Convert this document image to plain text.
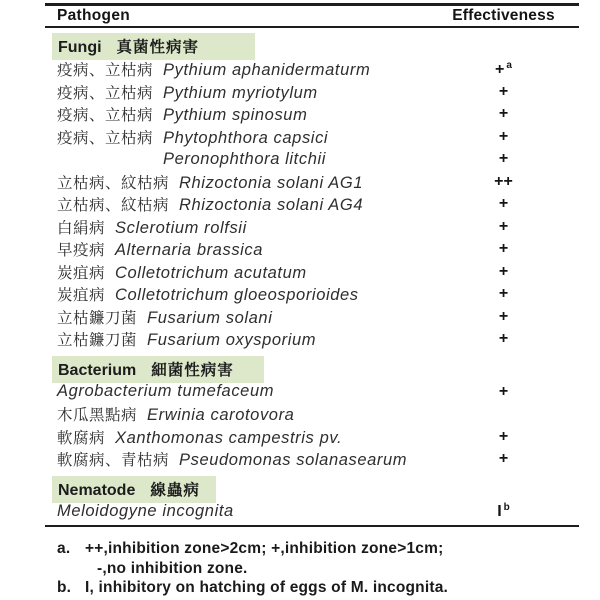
Pathogen	Effectiveness
Fungi 真菌性病害
疫病、立枯病 Pythium aphanidermaturm	+ $^a$
疫病、立枯病 Pythium myriotylum	+
疫病、立枯病 Pythium spinosum	+
疫病、立枯病 Phytophthora capsici	+
Peronophthora litchii	+
立枯病、紋枯病 Rhizoctonia solani AG1	++
立枯病、紋枯病 Rhizoctonia solani AG4	+
白絹病 Sclerotium rolfsii	+
早疫病 Alternaria brassica	+
炭疽病 Colletotrichum acutatum	+
炭疽病 Colletotrichum gloeosporioides	+
立枯鐮刀菌 Fusarium solani	+
立枯鐮刀菌 Fusarium oxysporium	+
Bacterium 細菌性病害
Agrobacterium tumefaceum	+
木瓜黑點病 Erwinia carotovora
軟腐病 Xanthomonas campestris pv.	+
軟腐病、青枯病 Pseudomonas solanasearum	+
Nematode 線蟲病
Meloidogyne incognita	I $^b$
a. ++,inhibition zone>2cm; +,inhibition zone>1cm;
-,no inhibition zone.
b. I, inhibitory on hatching of eggs of M. incognita.
